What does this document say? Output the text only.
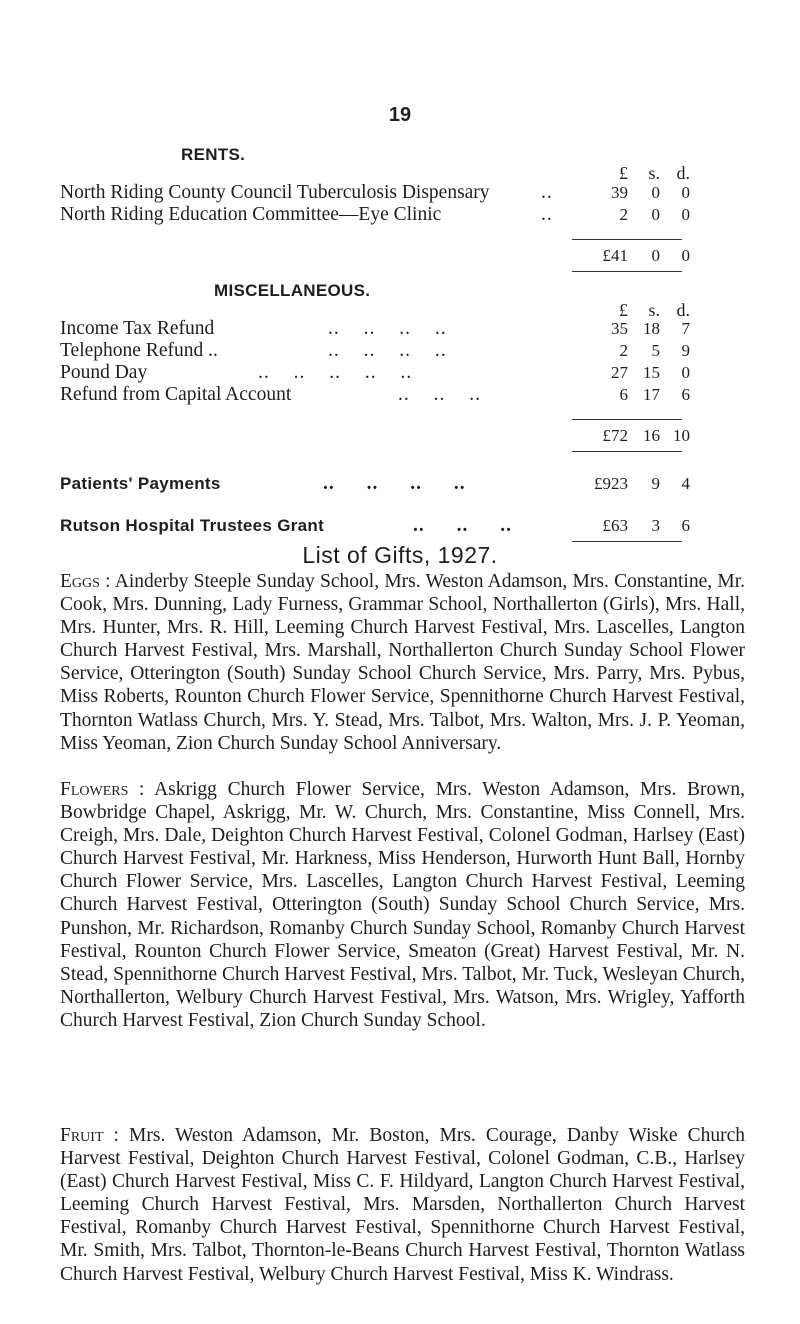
19
RENTS.
£	s. d.
North Riding County Council Tuberculosis Dispensary	..	39	0	0
North Riding Education Committee—Eye Clinic	..	2	0	0
£41	0	0
MISCELLANEOUS.
£	s. d.
Income Tax Refund	.. .. .. ..	35 18	7
Telephone Refund ..	.. .. .. ..	2	5	9
Pound Day	.. .. .. .. ..	27 15	0
Refund from Capital Account	.. .. ..	6 17	6
£72 16 10
Patients' Payments	.. .. .. ..	£923	9	4
Rutson Hospital Trustees Grant	.. .. ..	£63	3	6
List of Gifts, 1927.
Eggs : Ainderby Steeple Sunday School, Mrs. Weston Adamson, Mrs. Constantine, Mr. Cook, Mrs. Dunning, Lady Furness, Grammar School, Northallerton (Girls), Mrs. Hall, Mrs. Hunter, Mrs. R. Hill, Leeming Church Harvest Festival, Mrs. Lascelles, Langton Church Harvest Festival, Mrs. Marshall, Northallerton Church Sunday School Flower Service, Otterington (South) Sunday School Church Service, Mrs. Parry, Mrs. Pybus, Miss Roberts, Rounton Church Flower Service, Spennithorne Church Harvest Festival, Thornton Watlass Church, Mrs. Y. Stead, Mrs. Talbot, Mrs. Walton, Mrs. J. P. Yeoman, Miss Yeoman, Zion Church Sunday School Anniversary.
Flowers : Askrigg Church Flower Service, Mrs. Weston Adamson, Mrs. Brown, Bowbridge Chapel, Askrigg, Mr. W. Church, Mrs. Constantine, Miss Connell, Mrs. Creigh, Mrs. Dale, Deighton Church Harvest Festival, Colonel Godman, Harlsey (East) Church Harvest Festival, Mr. Harkness, Miss Henderson, Hurworth Hunt Ball, Hornby Church Flower Service, Mrs. Lascelles, Langton Church Harvest Festival, Leeming Church Harvest Festival, Otterington (South) Sunday School Church Service, Mrs. Punshon, Mr. Richardson, Romanby Church Sunday School, Romanby Church Harvest Festival, Rounton Church Flower Service, Smeaton (Great) Harvest Festival, Mr. N. Stead, Spennithorne Church Harvest Festival, Mrs. Talbot, Mr. Tuck, Wesleyan Church, Northallerton, Welbury Church Harvest Festival, Mrs. Watson, Mrs. Wrigley, Yafforth Church Harvest Festival, Zion Church Sunday School.
Fruit : Mrs. Weston Adamson, Mr. Boston, Mrs. Courage, Danby Wiske Church Harvest Festival, Deighton Church Harvest Festival, Colonel Godman, C.B., Harlsey (East) Church Harvest Festival, Miss C. F. Hildyard, Langton Church Harvest Festival, Leeming Church Harvest Festival, Mrs. Marsden, Northallerton Church Harvest Festival, Romanby Church Harvest Festival, Spennithorne Church Harvest Festival, Mr. Smith, Mrs. Talbot, Thornton-le-Beans Church Harvest Festival, Thornton Watlass Church Harvest Festival, Welbury Church Harvest Festival, Miss K. Windrass.
